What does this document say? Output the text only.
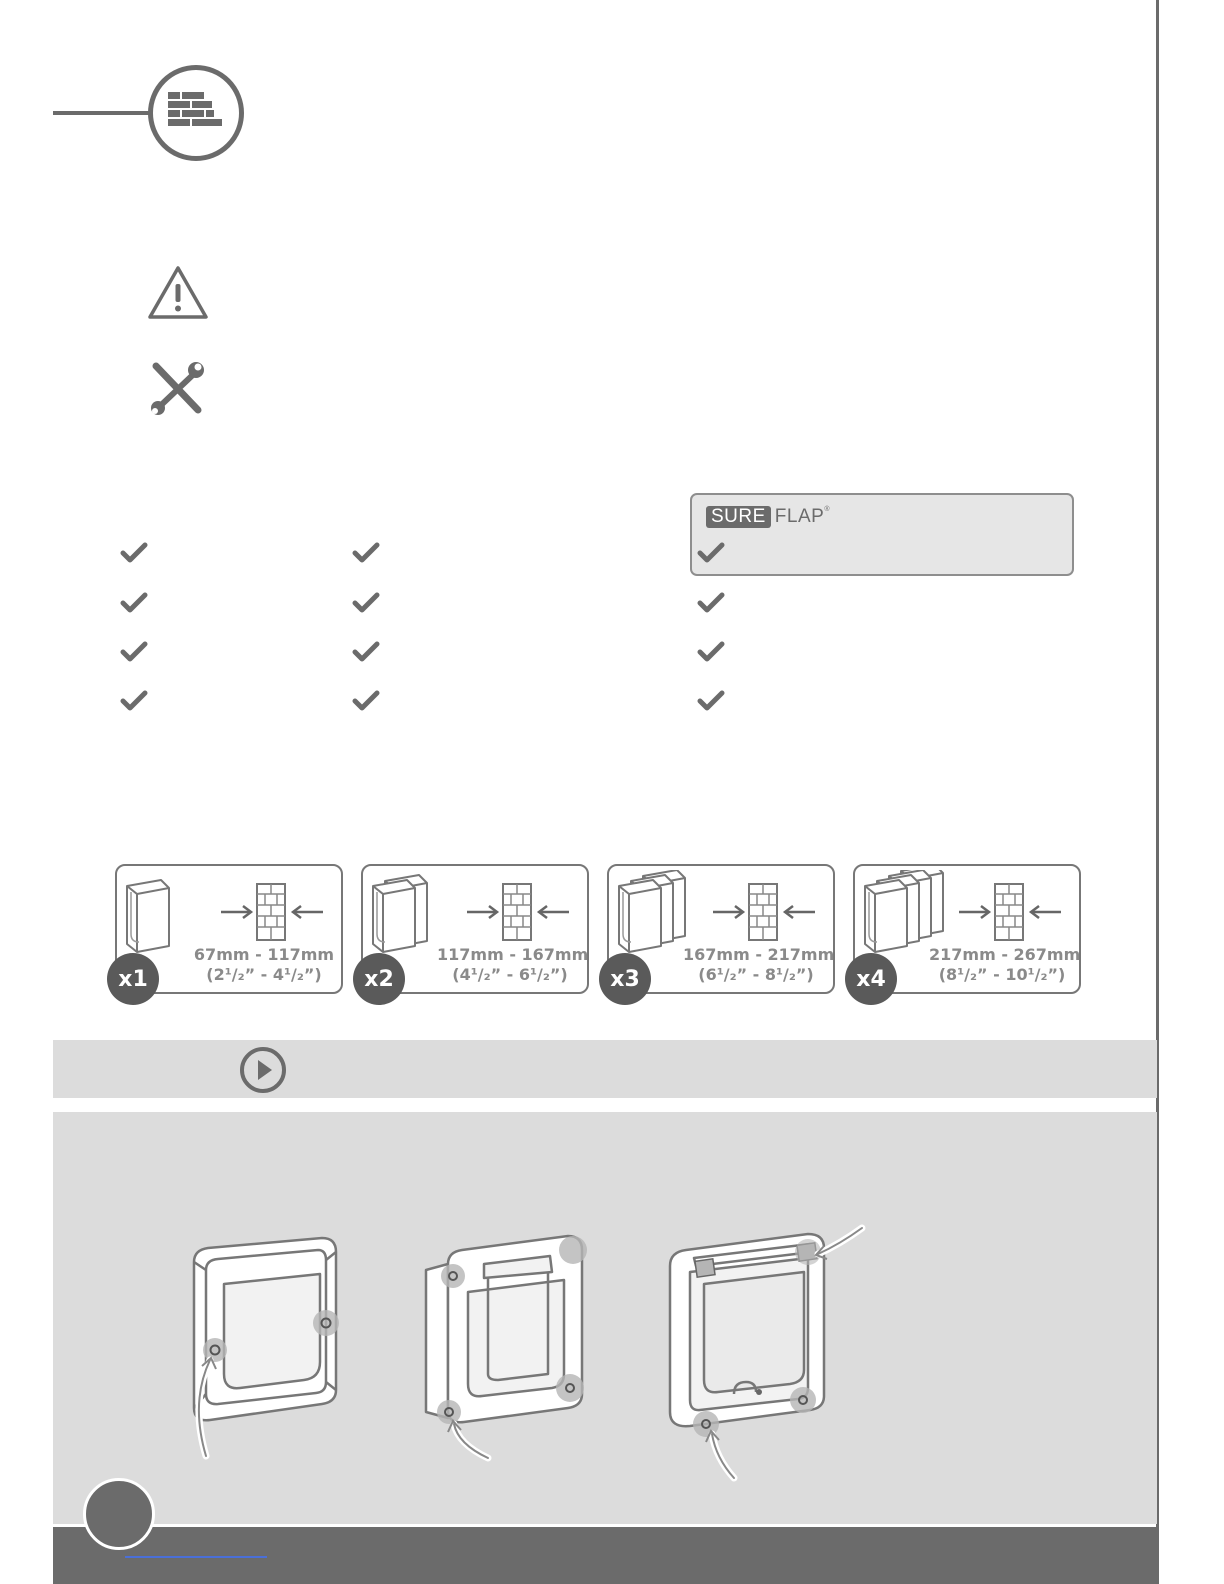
SURE FLAP ®
67mm - 117mm
(2¹/₂” - 4¹/₂”)
x1
117mm - 167mm
(4¹/₂” - 6¹/₂”)
x2
167mm - 217mm
(6¹/₂” - 8¹/₂”)
x3
217mm - 267mm
(8¹/₂” - 10¹/₂”)
x4
